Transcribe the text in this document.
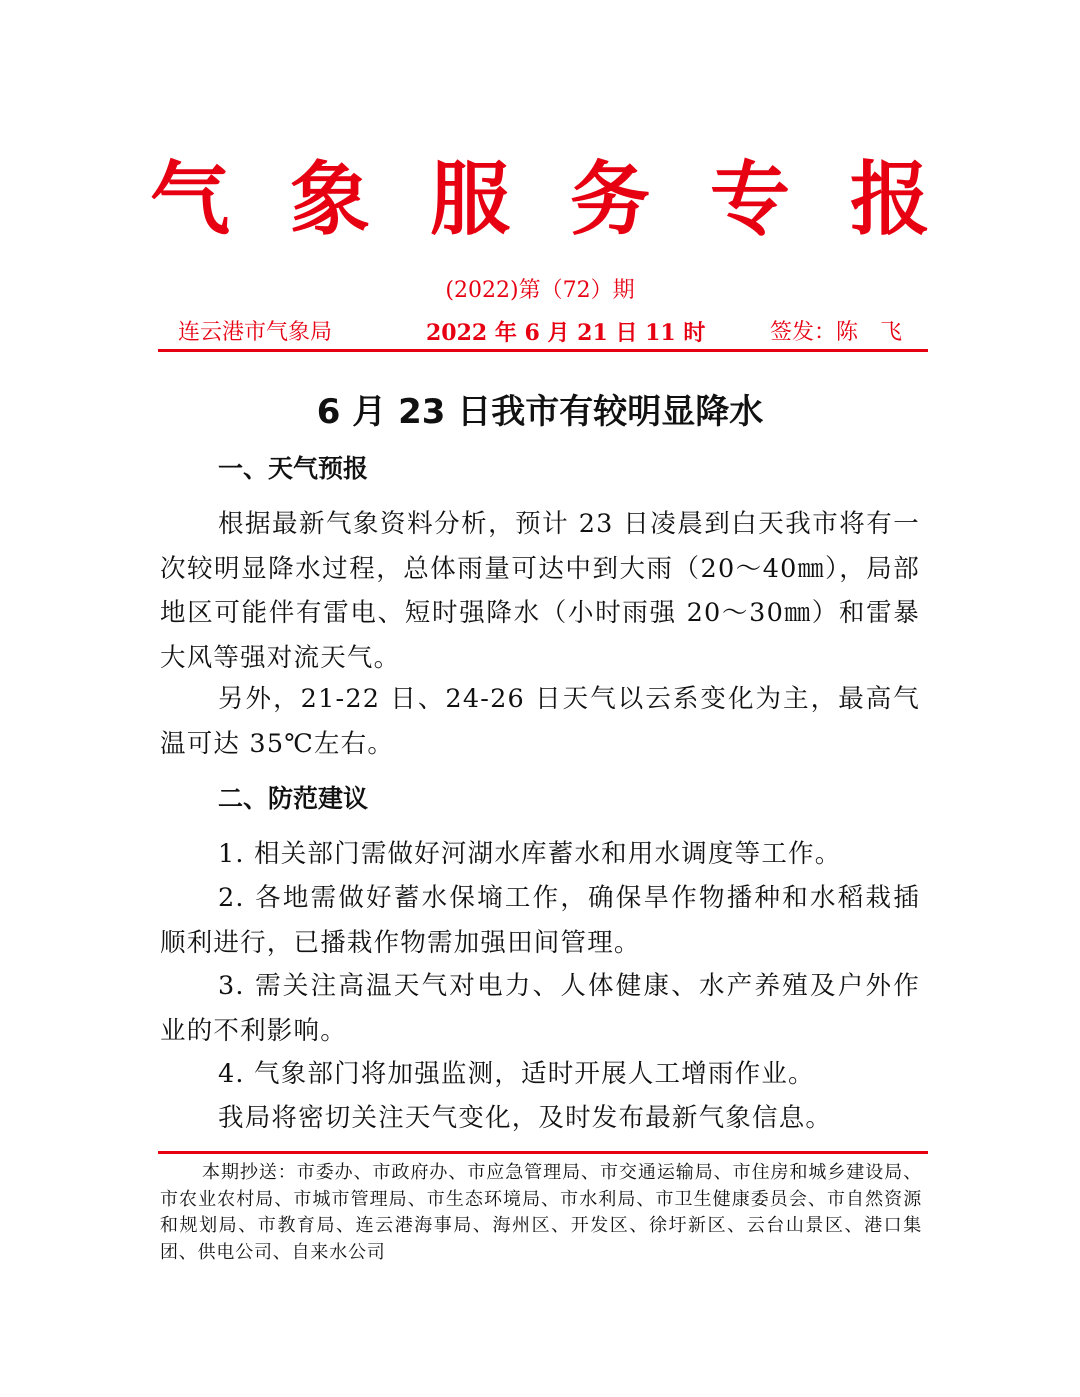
气 象 服 务 专 报
(2022)第（72）期
连云港市气象局	2022 年 6 月 21 日 11 时	签发：陈　飞
6 月 23 日我市有较明显降水
一、天气预报

根据最新气象资料分析，预计 23 日凌晨到白天我市将有一次较明显降水过程，总体雨量可达中到大雨（20～40㎜），局部地区可能伴有雷电、短时强降水（小时雨强 20～30㎜）和雷暴大风等强对流天气。

另外，21-22 日、24-26 日天气以云系变化为主，最高气温可达 35℃左右。

二、防范建议

1. 相关部门需做好河湖水库蓄水和用水调度等工作。

2. 各地需做好蓄水保墒工作，确保旱作物播种和水稻栽插顺利进行，已播栽作物需加强田间管理。

3. 需关注高温天气对电力、人体健康、水产养殖及户外作业的不利影响。

4. 气象部门将加强监测，适时开展人工增雨作业。

我局将密切关注天气变化，及时发布最新气象信息。

本期抄送：市委办、市政府办、市应急管理局、市交通运输局、市住房和城乡建设局、市农业农村局、市城市管理局、市生态环境局、市水利局、市卫生健康委员会、市自然资源和规划局、市教育局、连云港海事局、海州区、开发区、徐圩新区、云台山景区、港口集团、供电公司、自来水公司
